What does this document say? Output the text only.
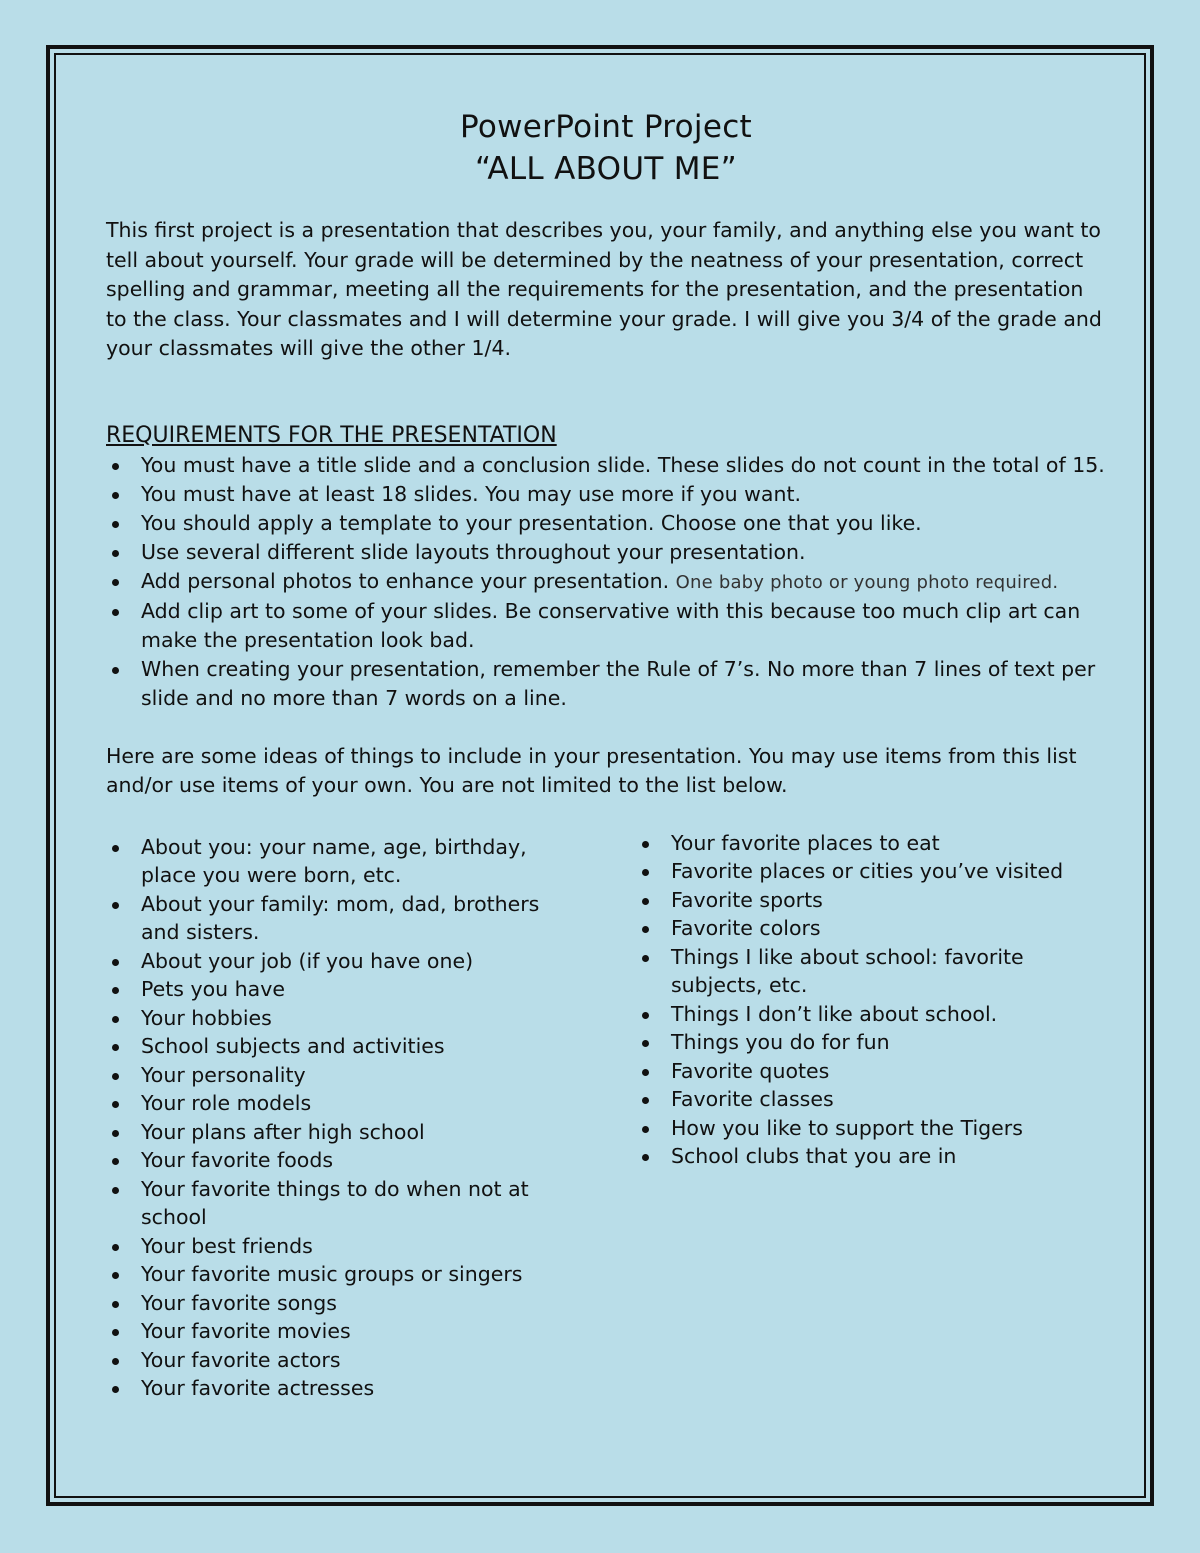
PowerPoint Project
“ALL ABOUT ME”

This first project is a presentation that describes you, your family, and anything else you want to tell about yourself. Your grade will be determined by the neatness of your presentation, correct spelling and grammar, meeting all the requirements for the presentation, and the presentation to the class. Your classmates and I will determine your grade. I will give you 3/4 of the grade and your classmates will give the other 1/4.

REQUIREMENTS FOR THE PRESENTATION
You must have a title slide and a conclusion slide. These slides do not count in the total of 15.
You must have at least 18 slides. You may use more if you want.
You should apply a template to your presentation. Choose one that you like.
Use several different slide layouts throughout your presentation.
Add personal photos to enhance your presentation. One baby photo or young photo required.
Add clip art to some of your slides. Be conservative with this because too much clip art can make the presentation look bad.
When creating your presentation, remember the Rule of 7’s. No more than 7 lines of text per slide and no more than 7 words on a line.

Here are some ideas of things to include in your presentation. You may use items from this list and/or use items of your own. You are not limited to the list below.

About you: your name, age, birthday, place you were born, etc.
About your family: mom, dad, brothers and sisters.
About your job (if you have one)
Pets you have
Your hobbies
School subjects and activities
Your personality
Your role models
Your plans after high school
Your favorite foods
Your favorite things to do when not at school
Your best friends
Your favorite music groups or singers
Your favorite songs
Your favorite movies
Your favorite actors
Your favorite actresses
Your favorite places to eat
Favorite places or cities you’ve visited
Favorite sports
Favorite colors
Things I like about school: favorite subjects, etc.
Things I don’t like about school.
Things you do for fun
Favorite quotes
Favorite classes
How you like to support the Tigers
School clubs that you are in
